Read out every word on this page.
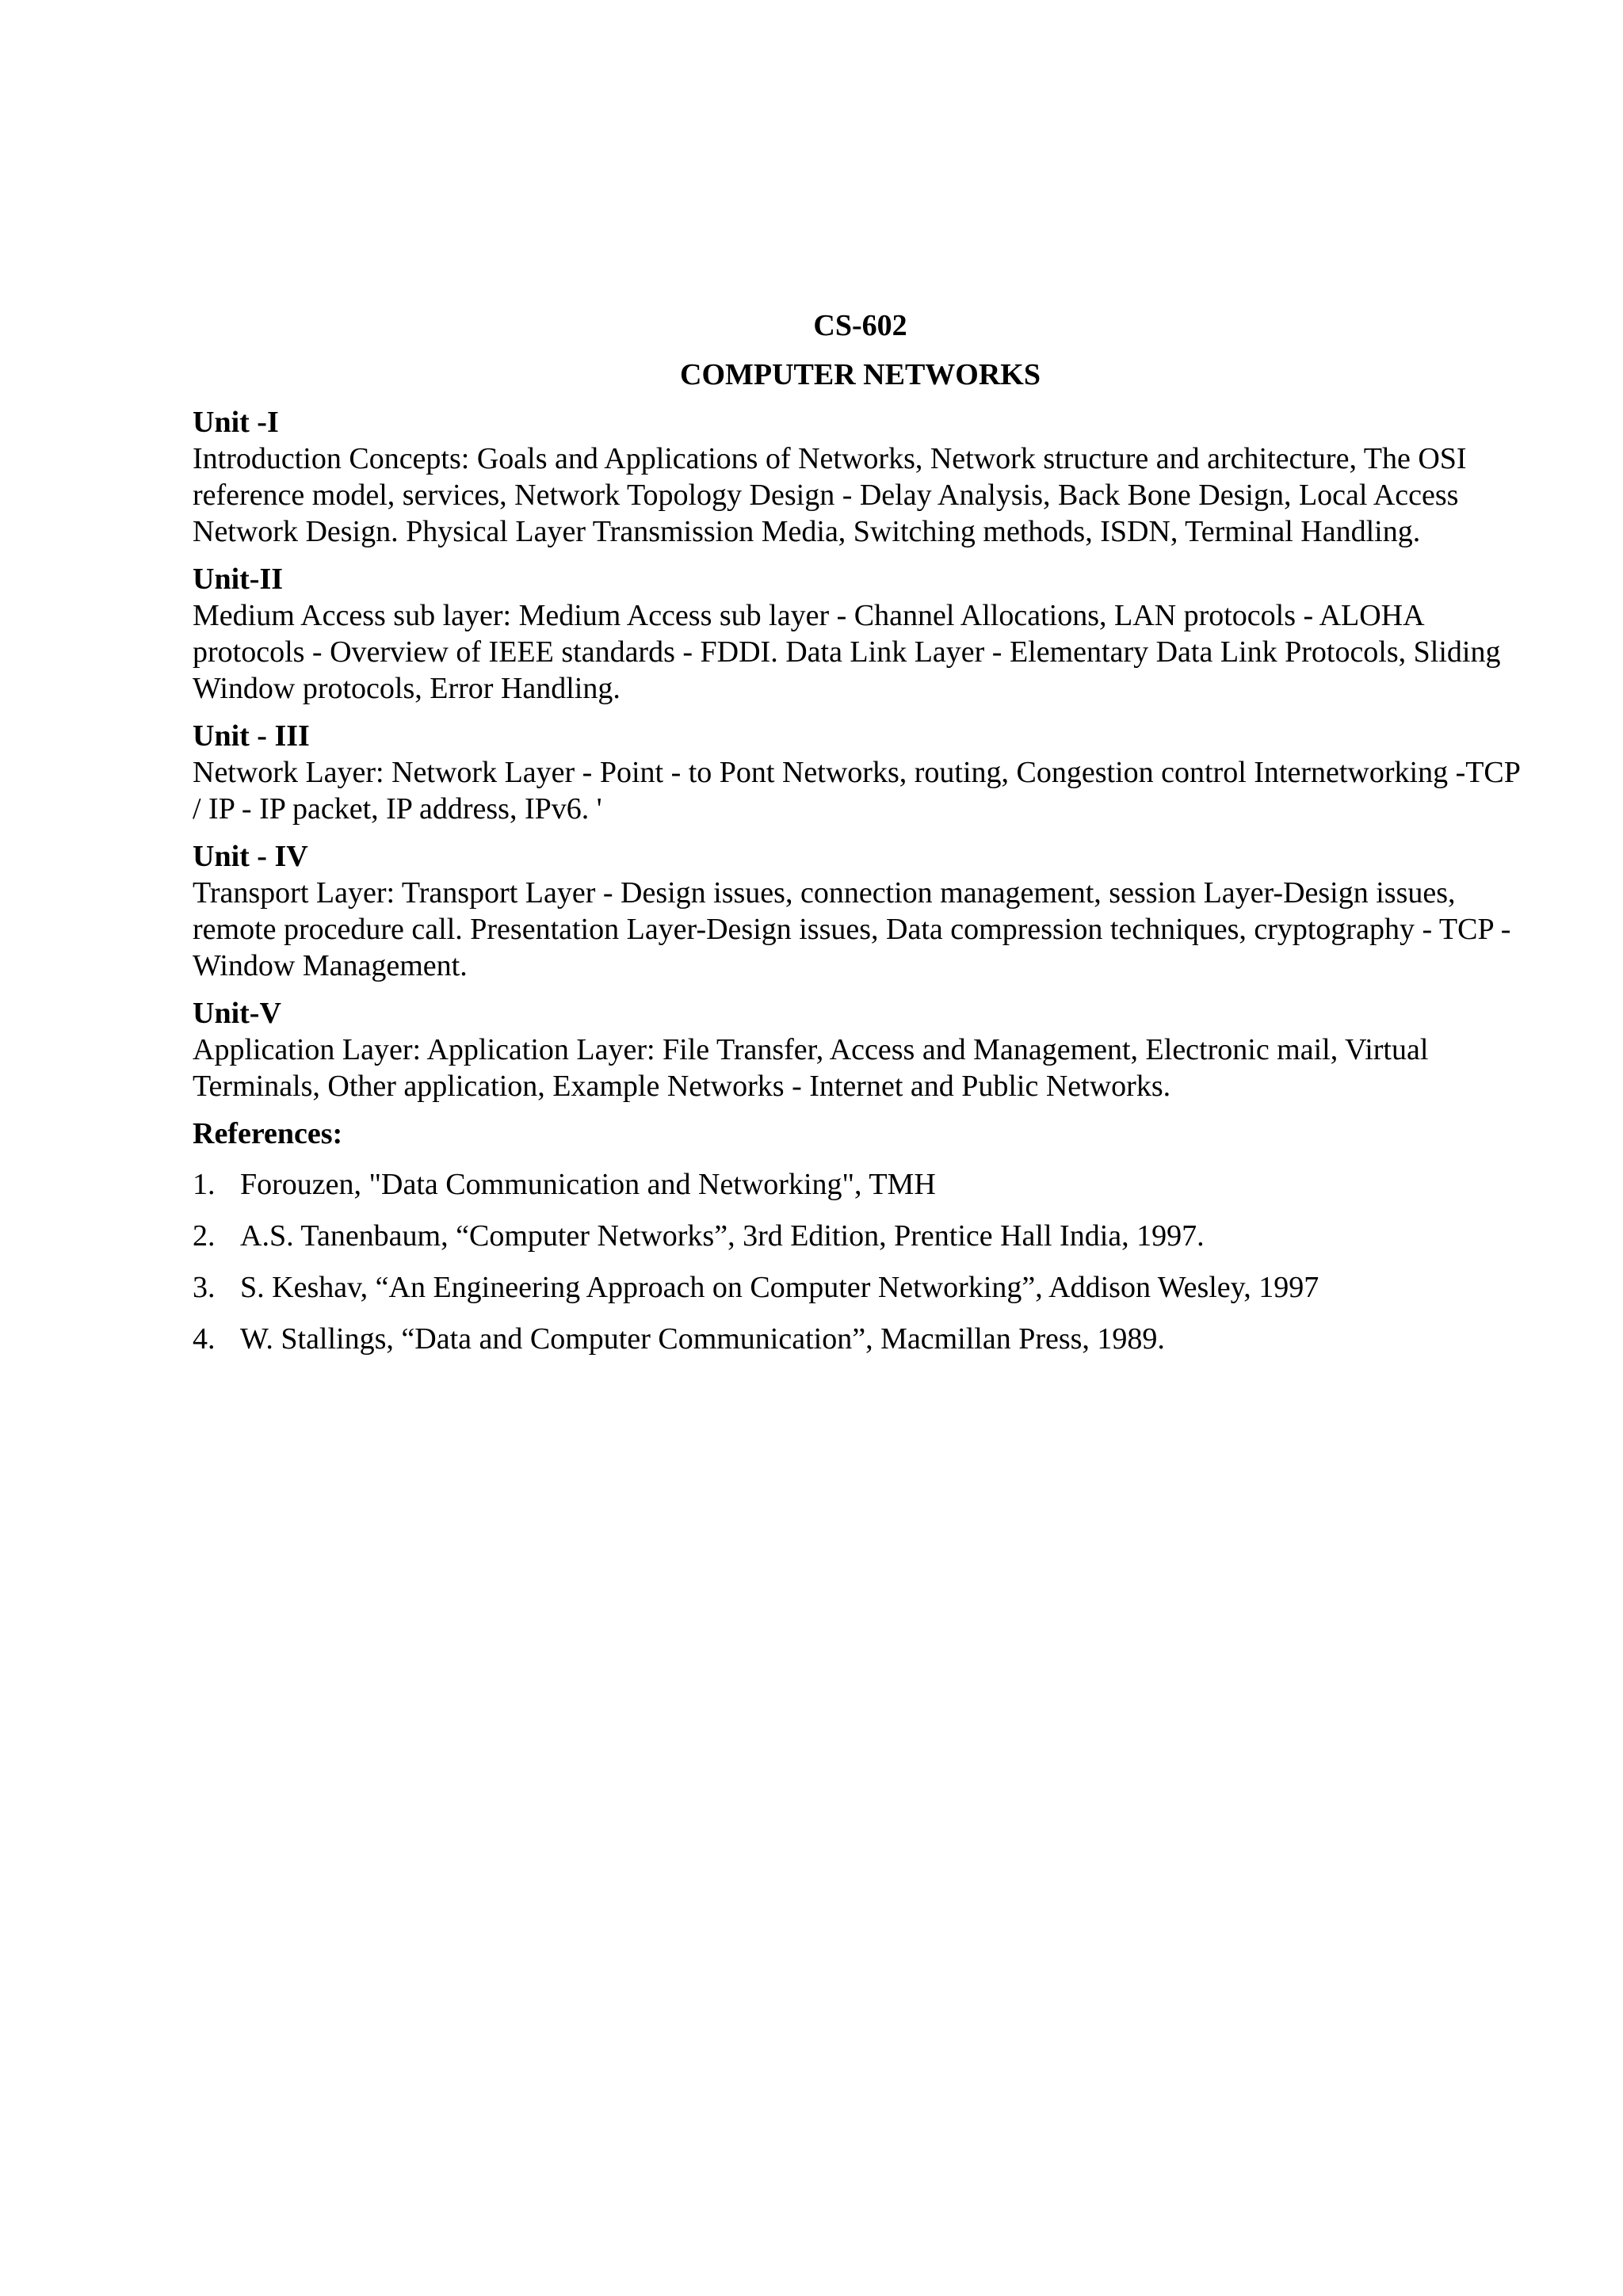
CS-602
COMPUTER NETWORKS
Unit -I
Introduction Concepts: Goals and Applications of Networks, Network structure and architecture, The OSI reference model, services, Network Topology Design - Delay Analysis, Back Bone Design, Local Access Network Design. Physical Layer Transmission Media, Switching methods, ISDN, Terminal Handling.
Unit-II
Medium Access sub layer: Medium Access sub layer - Channel Allocations, LAN protocols - ALOHA protocols - Overview of IEEE standards - FDDI. Data Link Layer - Elementary Data Link Protocols, Sliding Window protocols, Error Handling.
Unit - III
Network Layer: Network Layer - Point - to Pont Networks, routing, Congestion control Internetworking -TCP / IP - IP packet, IP address, IPv6. '
Unit - IV
Transport Layer: Transport Layer - Design issues, connection management, session Layer-Design issues, remote procedure call. Presentation Layer-Design issues, Data compression techniques, cryptography - TCP - Window Management.
Unit-V
Application Layer: Application Layer: File Transfer, Access and Management, Electronic mail, Virtual Terminals, Other application, Example Networks - Internet and Public Networks.
References:
1. Forouzen, "Data Communication and Networking", TMH
2. A.S. Tanenbaum, “Computer Networks”, 3rd Edition, Prentice Hall India, 1997.
3. S. Keshav, “An Engineering Approach on Computer Networking”, Addison Wesley, 1997
4. W. Stallings, “Data and Computer Communication”, Macmillan Press, 1989.
